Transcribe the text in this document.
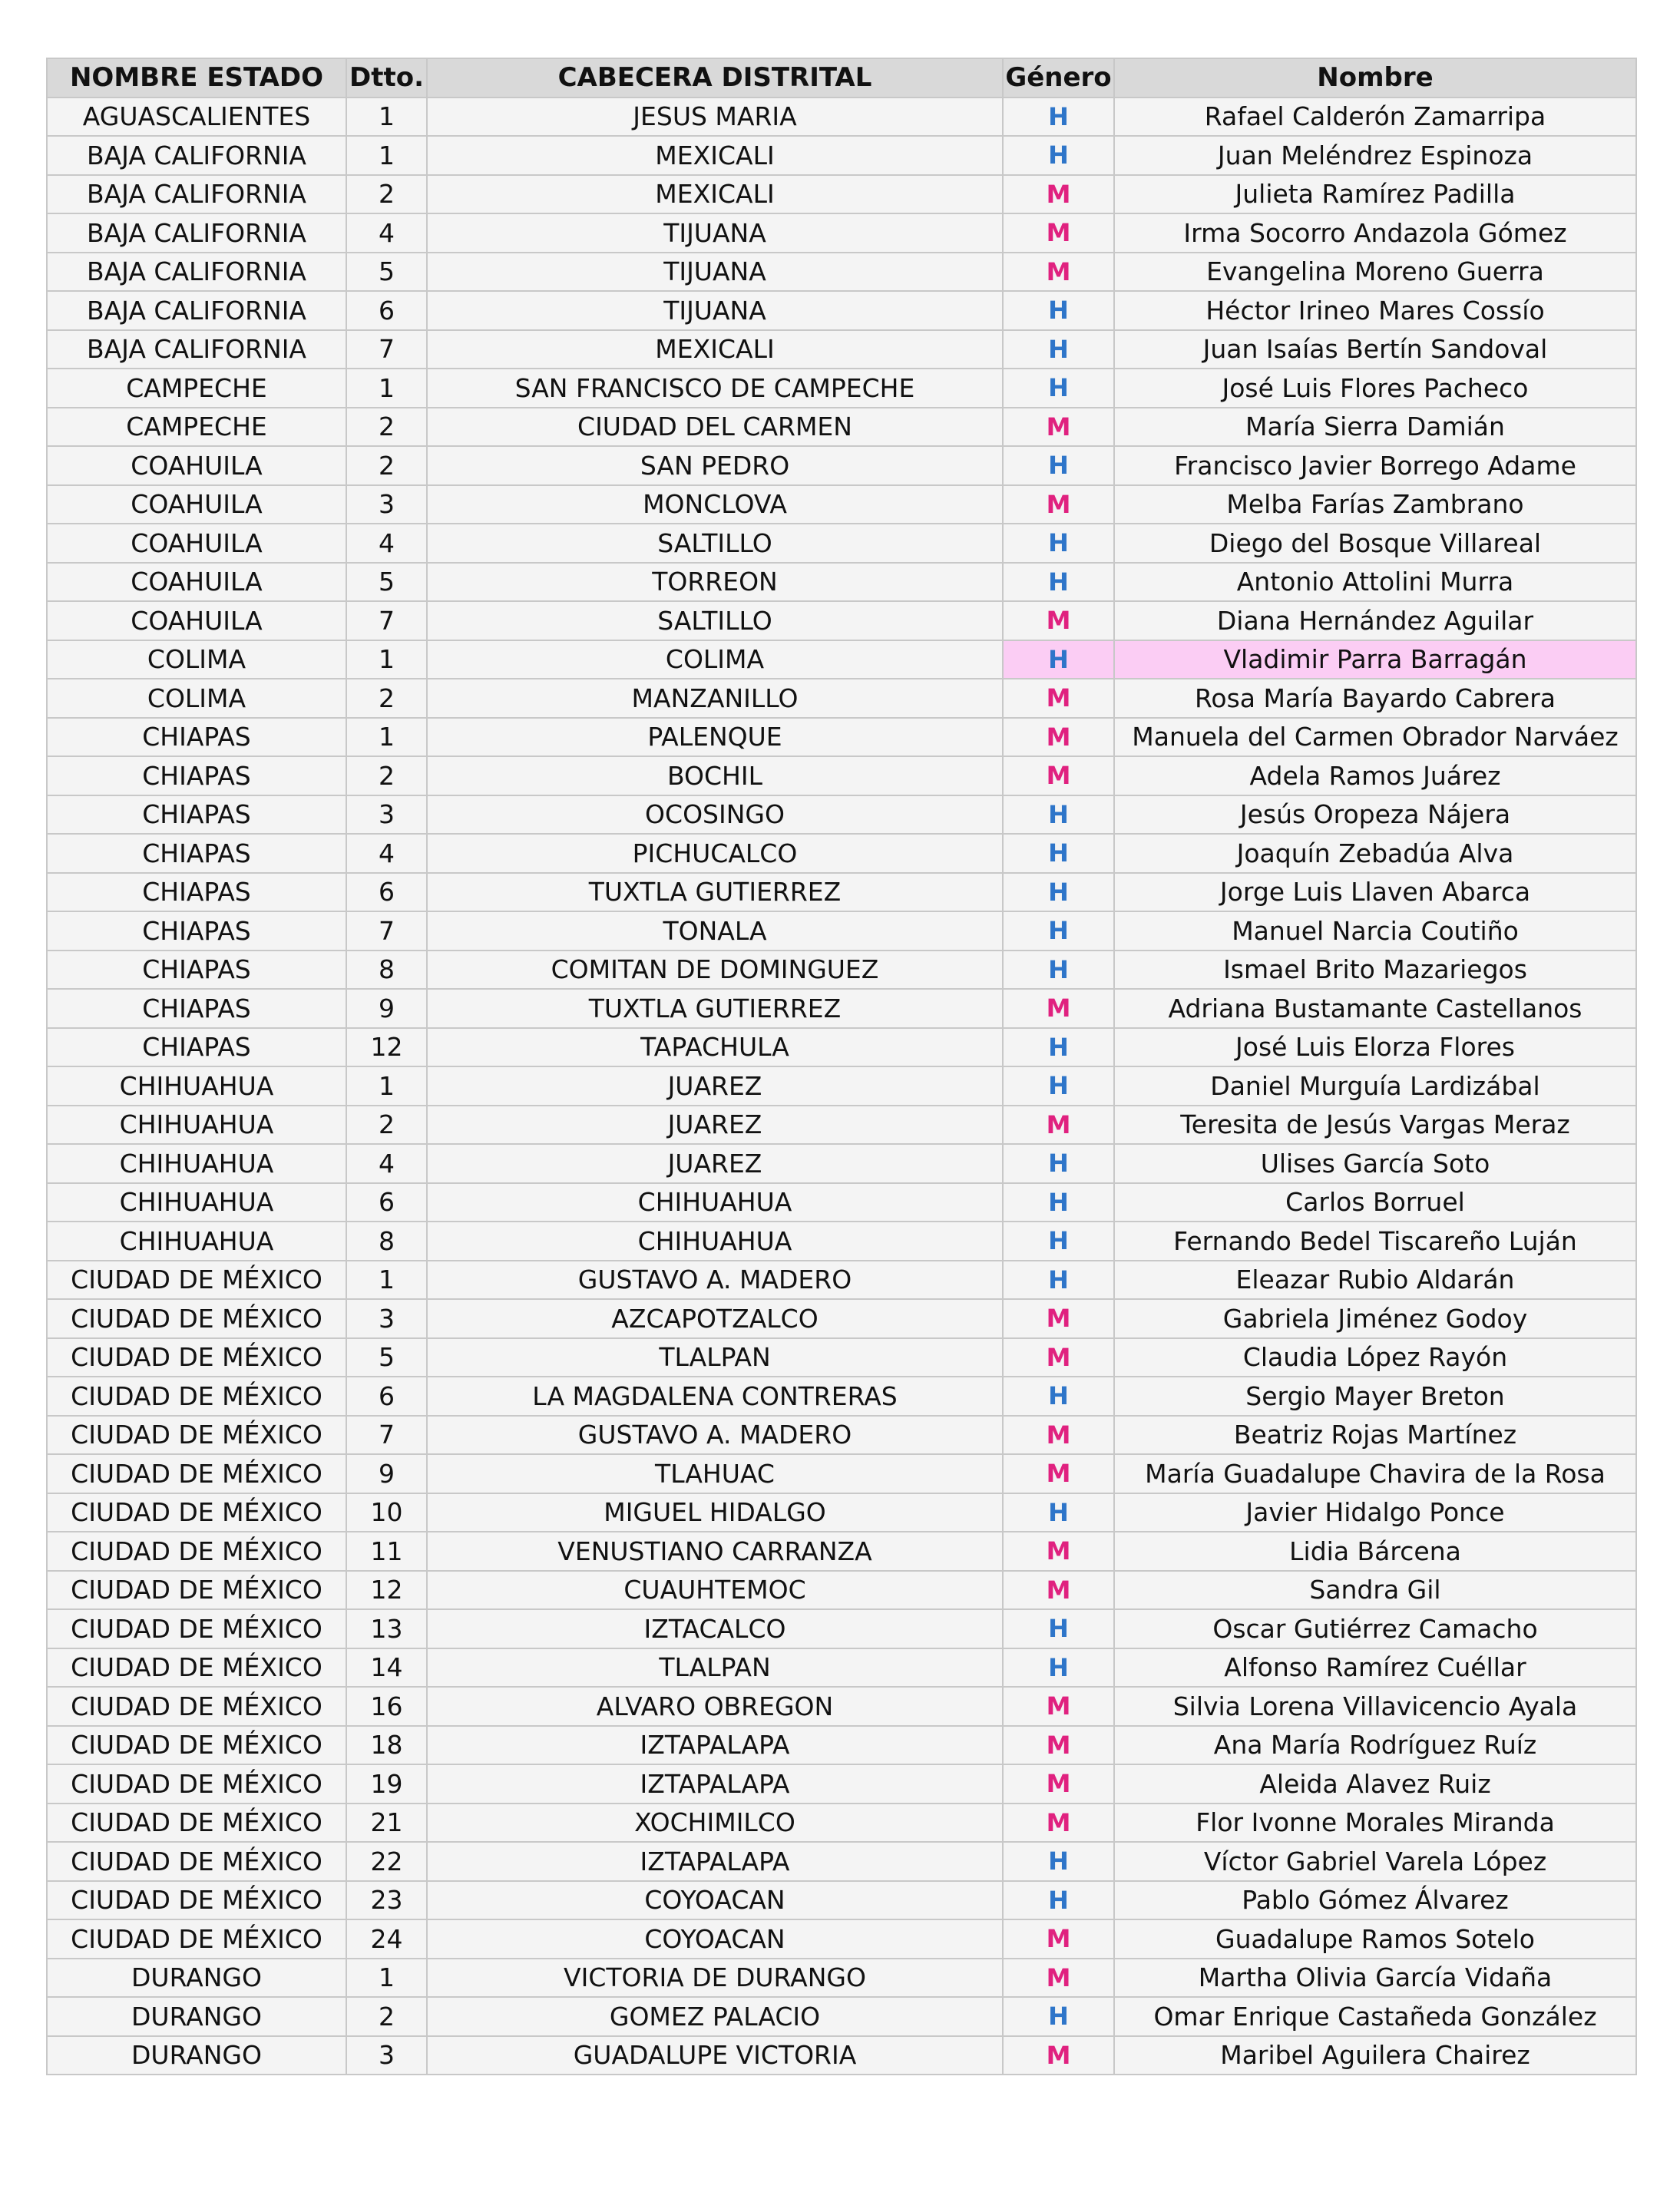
NOMBRE ESTADO	Dtto.	CABECERA DISTRITAL	Género	Nombre
AGUASCALIENTES	1	JESUS MARIA	H	Rafael Calderón Zamarripa
BAJA CALIFORNIA	1	MEXICALI	H	Juan Meléndrez Espinoza
BAJA CALIFORNIA	2	MEXICALI	M	Julieta Ramírez Padilla
BAJA CALIFORNIA	4	TIJUANA	M	Irma Socorro Andazola Gómez
BAJA CALIFORNIA	5	TIJUANA	M	Evangelina Moreno Guerra
BAJA CALIFORNIA	6	TIJUANA	H	Héctor Irineo Mares Cossío
BAJA CALIFORNIA	7	MEXICALI	H	Juan Isaías Bertín Sandoval
CAMPECHE	1	SAN FRANCISCO DE CAMPECHE	H	José Luis Flores Pacheco
CAMPECHE	2	CIUDAD DEL CARMEN	M	María Sierra Damián
COAHUILA	2	SAN PEDRO	H	Francisco Javier Borrego Adame
COAHUILA	3	MONCLOVA	M	Melba Farías Zambrano
COAHUILA	4	SALTILLO	H	Diego del Bosque Villareal
COAHUILA	5	TORREON	H	Antonio Attolini Murra
COAHUILA	7	SALTILLO	M	Diana Hernández Aguilar
COLIMA	1	COLIMA	H	Vladimir Parra Barragán
COLIMA	2	MANZANILLO	M	Rosa María Bayardo Cabrera
CHIAPAS	1	PALENQUE	M	Manuela del Carmen Obrador Narváez
CHIAPAS	2	BOCHIL	M	Adela Ramos Juárez
CHIAPAS	3	OCOSINGO	H	Jesús Oropeza Nájera
CHIAPAS	4	PICHUCALCO	H	Joaquín Zebadúa Alva
CHIAPAS	6	TUXTLA GUTIERREZ	H	Jorge Luis Llaven Abarca
CHIAPAS	7	TONALA	H	Manuel Narcia Coutiño
CHIAPAS	8	COMITAN DE DOMINGUEZ	H	Ismael Brito Mazariegos
CHIAPAS	9	TUXTLA GUTIERREZ	M	Adriana Bustamante Castellanos
CHIAPAS	12	TAPACHULA	H	José Luis Elorza Flores
CHIHUAHUA	1	JUAREZ	H	Daniel Murguía Lardizábal
CHIHUAHUA	2	JUAREZ	M	Teresita de Jesús Vargas Meraz
CHIHUAHUA	4	JUAREZ	H	Ulises García Soto
CHIHUAHUA	6	CHIHUAHUA	H	Carlos Borruel
CHIHUAHUA	8	CHIHUAHUA	H	Fernando Bedel Tiscareño Luján
CIUDAD DE MÉXICO	1	GUSTAVO A. MADERO	H	Eleazar Rubio Aldarán
CIUDAD DE MÉXICO	3	AZCAPOTZALCO	M	Gabriela Jiménez Godoy
CIUDAD DE MÉXICO	5	TLALPAN	M	Claudia López Rayón
CIUDAD DE MÉXICO	6	LA MAGDALENA CONTRERAS	H	Sergio Mayer Breton
CIUDAD DE MÉXICO	7	GUSTAVO A. MADERO	M	Beatriz Rojas Martínez
CIUDAD DE MÉXICO	9	TLAHUAC	M	María Guadalupe Chavira de la Rosa
CIUDAD DE MÉXICO	10	MIGUEL HIDALGO	H	Javier Hidalgo Ponce
CIUDAD DE MÉXICO	11	VENUSTIANO CARRANZA	M	Lidia Bárcena
CIUDAD DE MÉXICO	12	CUAUHTEMOC	M	Sandra Gil
CIUDAD DE MÉXICO	13	IZTACALCO	H	Oscar Gutiérrez Camacho
CIUDAD DE MÉXICO	14	TLALPAN	H	Alfonso Ramírez Cuéllar
CIUDAD DE MÉXICO	16	ALVARO OBREGON	M	Silvia Lorena Villavicencio Ayala
CIUDAD DE MÉXICO	18	IZTAPALAPA	M	Ana María Rodríguez Ruíz
CIUDAD DE MÉXICO	19	IZTAPALAPA	M	Aleida Alavez Ruiz
CIUDAD DE MÉXICO	21	XOCHIMILCO	M	Flor Ivonne Morales Miranda
CIUDAD DE MÉXICO	22	IZTAPALAPA	H	Víctor Gabriel Varela López
CIUDAD DE MÉXICO	23	COYOACAN	H	Pablo Gómez Álvarez
CIUDAD DE MÉXICO	24	COYOACAN	M	Guadalupe Ramos Sotelo
DURANGO	1	VICTORIA DE DURANGO	M	Martha Olivia García Vidaña
DURANGO	2	GOMEZ PALACIO	H	Omar Enrique Castañeda González
DURANGO	3	GUADALUPE VICTORIA	M	Maribel Aguilera Chairez
